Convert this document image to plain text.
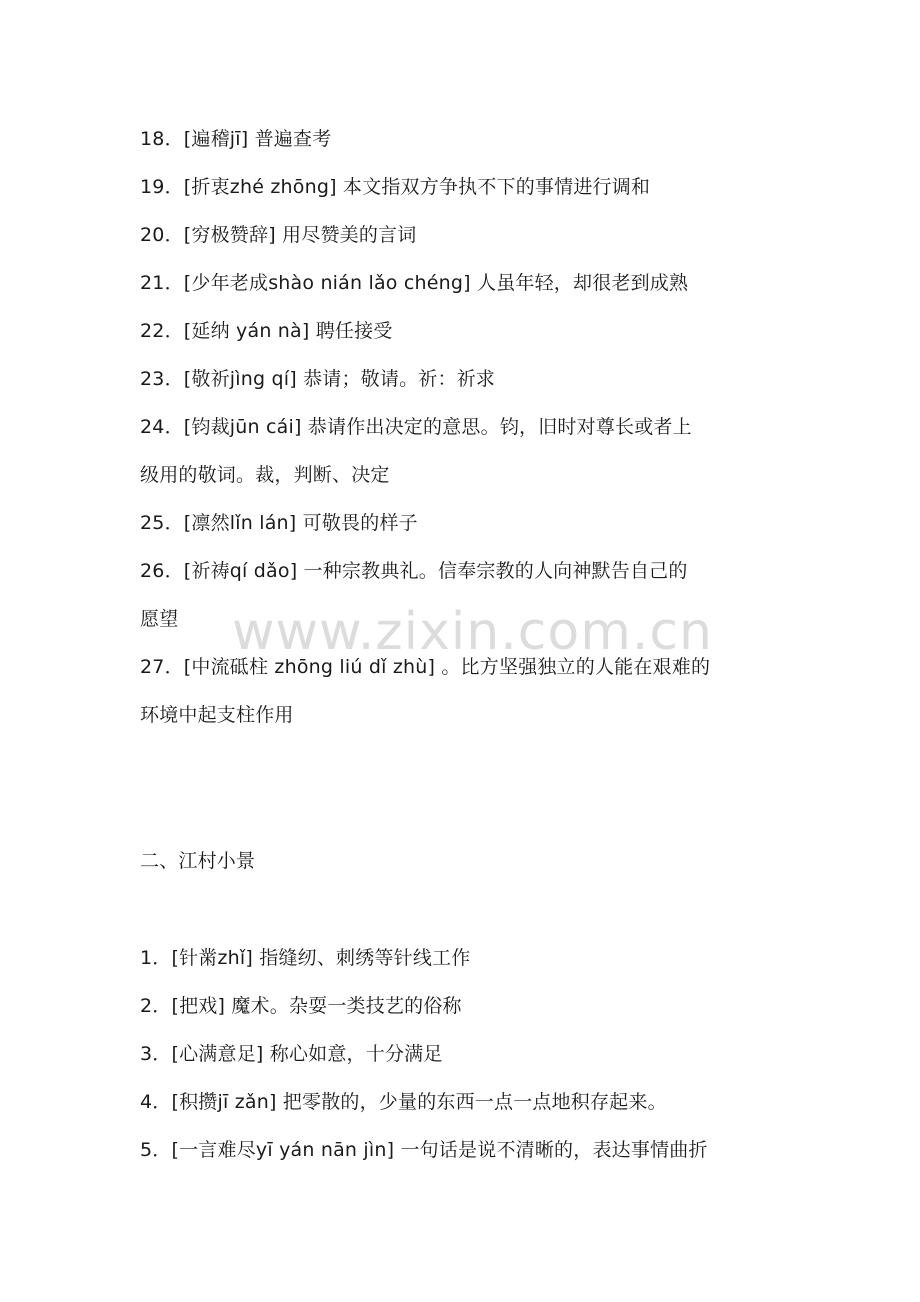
18．[遍稽jī] 普遍查考
19．[折衷zhé zhōng] 本文指双方争执不下的事情进行调和
20．[穷极赞辞] 用尽赞美的言词
21．[少年老成shào nián lǎo chéng] 人虽年轻，却很老到成熟
22．[延纳 yán nà] 聘任接受
23．[敬祈jìng qí] 恭请；敬请。祈：祈求
24．[钧裁jūn cái] 恭请作出决定的意思。钧，旧时对尊长或者上
级用的敬词。裁，判断、决定
25．[凛然lǐn lán] 可敬畏的样子
26．[祈祷qí dǎo] 一种宗教典礼。信奉宗教的人向神默告自己的
愿望
27．[中流砥柱 zhōng liú dǐ zhù] 。比方坚强独立的人能在艰难的
环境中起支柱作用
二、江村小景
1．[针黹zhǐ] 指缝纫、刺绣等针线工作
2．[把戏] 魔术。杂耍一类技艺的俗称
3．[心满意足] 称心如意，十分满足
4．[积攒jī zǎn] 把零散的，少量的东西一点一点地积存起来。
5．[一言难尽yī yán nān jìn] 一句话是说不清晰的，表达事情曲折
www.zixin.com.cn
